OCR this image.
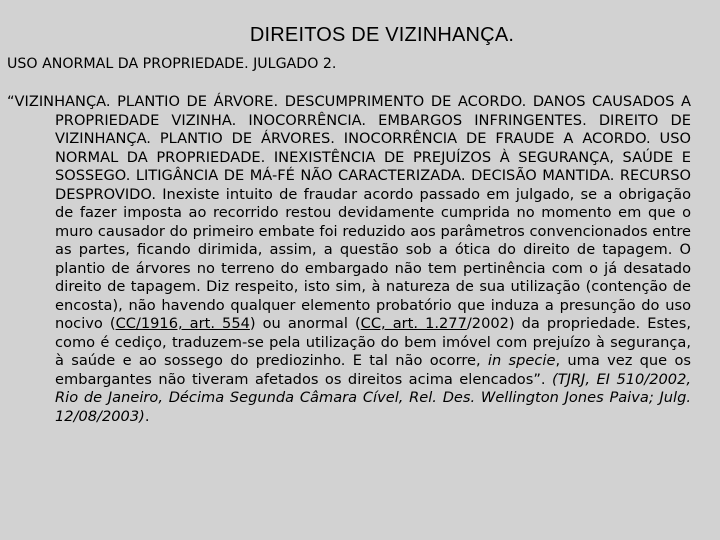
DIREITOS DE VIZINHANÇA.
USO ANORMAL DA PROPRIEDADE. JULGADO 2.

“VIZINHANÇA. PLANTIO DE ÁRVORE. DESCUMPRIMENTO DE ACORDO. DANOS CAUSADOS A PROPRIEDADE VIZINHA. INOCORRÊNCIA. EMBARGOS INFRINGENTES. DIREITO DE VIZINHANÇA. PLANTIO DE ÁRVORES. INOCORRÊNCIA DE FRAUDE A ACORDO. USO NORMAL DA PROPRIEDADE. INEXISTÊNCIA DE PREJUÍZOS À SEGURANÇA, SAÚDE E SOSSEGO. LITIGÂNCIA DE MÁ-FÉ NÃO CARACTERIZADA. DECISÃO MANTIDA. RECURSO DESPROVIDO. Inexiste intuito de fraudar acordo passado em julgado, se a obrigação de fazer imposta ao recorrido restou devidamente cumprida no momento em que o muro causador do primeiro embate foi reduzido aos parâmetros convencionados entre as partes, ficando dirimida, assim, a questão sob a ótica do direito de tapagem. O plantio de árvores no terreno do embargado não tem pertinência com o já desatado direito de tapagem. Diz respeito, isto sim, à natureza de sua utilização (contenção de encosta), não havendo qualquer elemento probatório que induza a presunção do uso nocivo (CC/1916, art. 554) ou anormal (CC, art. 1.277/2002) da propriedade. Estes, como é cediço, traduzem-se pela utilização do bem imóvel com prejuízo à segurança, à saúde e ao sossego do prediozinho. E tal não ocorre, in specie, uma vez que os embargantes não tiveram afetados os direitos acima elencados”. (TJRJ, EI 510/2002, Rio de Janeiro, Décima Segunda Câmara Cível, Rel. Des. Wellington Jones Paiva; Julg. 12/08/2003).
